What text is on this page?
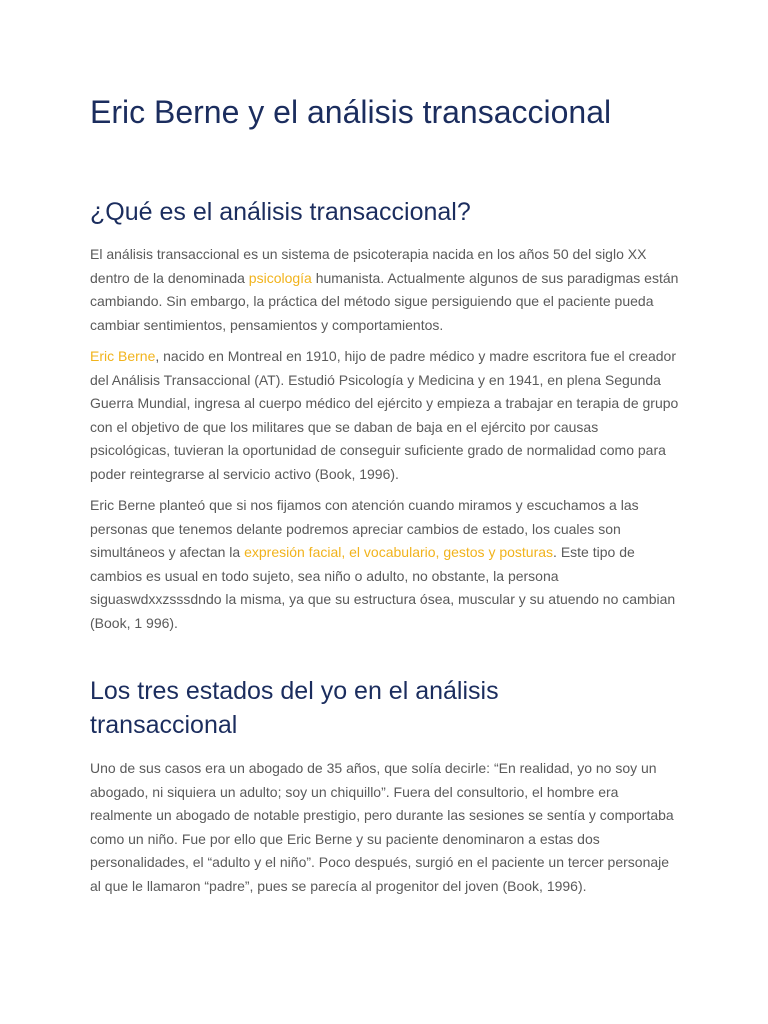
Eric Berne y el análisis transaccional
¿Qué es el análisis transaccional?

El análisis transaccional es un sistema de psicoterapia nacida en los años 50 del siglo XX dentro de la denominada psicología humanista. Actualmente algunos de sus paradigmas están cambiando. Sin embargo, la práctica del método sigue persiguiendo que el paciente pueda cambiar sentimientos, pensamientos y comportamientos.

Eric Berne, nacido en Montreal en 1910, hijo de padre médico y madre escritora fue el creador del Análisis Transaccional (AT). Estudió Psicología y Medicina y en 1941, en plena Segunda Guerra Mundial, ingresa al cuerpo médico del ejército y empieza a trabajar en terapia de grupo con el objetivo de que los militares que se daban de baja en el ejército por causas psicológicas, tuvieran la oportunidad de conseguir suficiente grado de normalidad como para poder reintegrarse al servicio activo (Book, 1996).

Eric Berne planteó que si nos fijamos con atención cuando miramos y escuchamos a las personas que tenemos delante podremos apreciar cambios de estado, los cuales son simultáneos y afectan la expresión facial, el vocabulario, gestos y posturas. Este tipo de cambios es usual en todo sujeto, sea niño o adulto, no obstante, la persona siguaswdxxzsssdndo la misma, ya que su estructura ósea, muscular y su atuendo no cambian (Book, 1 996).

Los tres estados del yo en el análisis transaccional

Uno de sus casos era un abogado de 35 años, que solía decirle: “En realidad, yo no soy un abogado, ni siquiera un adulto; soy un chiquillo”. Fuera del consultorio, el hombre era realmente un abogado de notable prestigio, pero durante las sesiones se sentía y comportaba como un niño. Fue por ello que Eric Berne y su paciente denominaron a estas dos personalidades, el “adulto y el niño”. Poco después, surgió en el paciente un tercer personaje al que le llamaron “padre”, pues se parecía al progenitor del joven (Book, 1996).
